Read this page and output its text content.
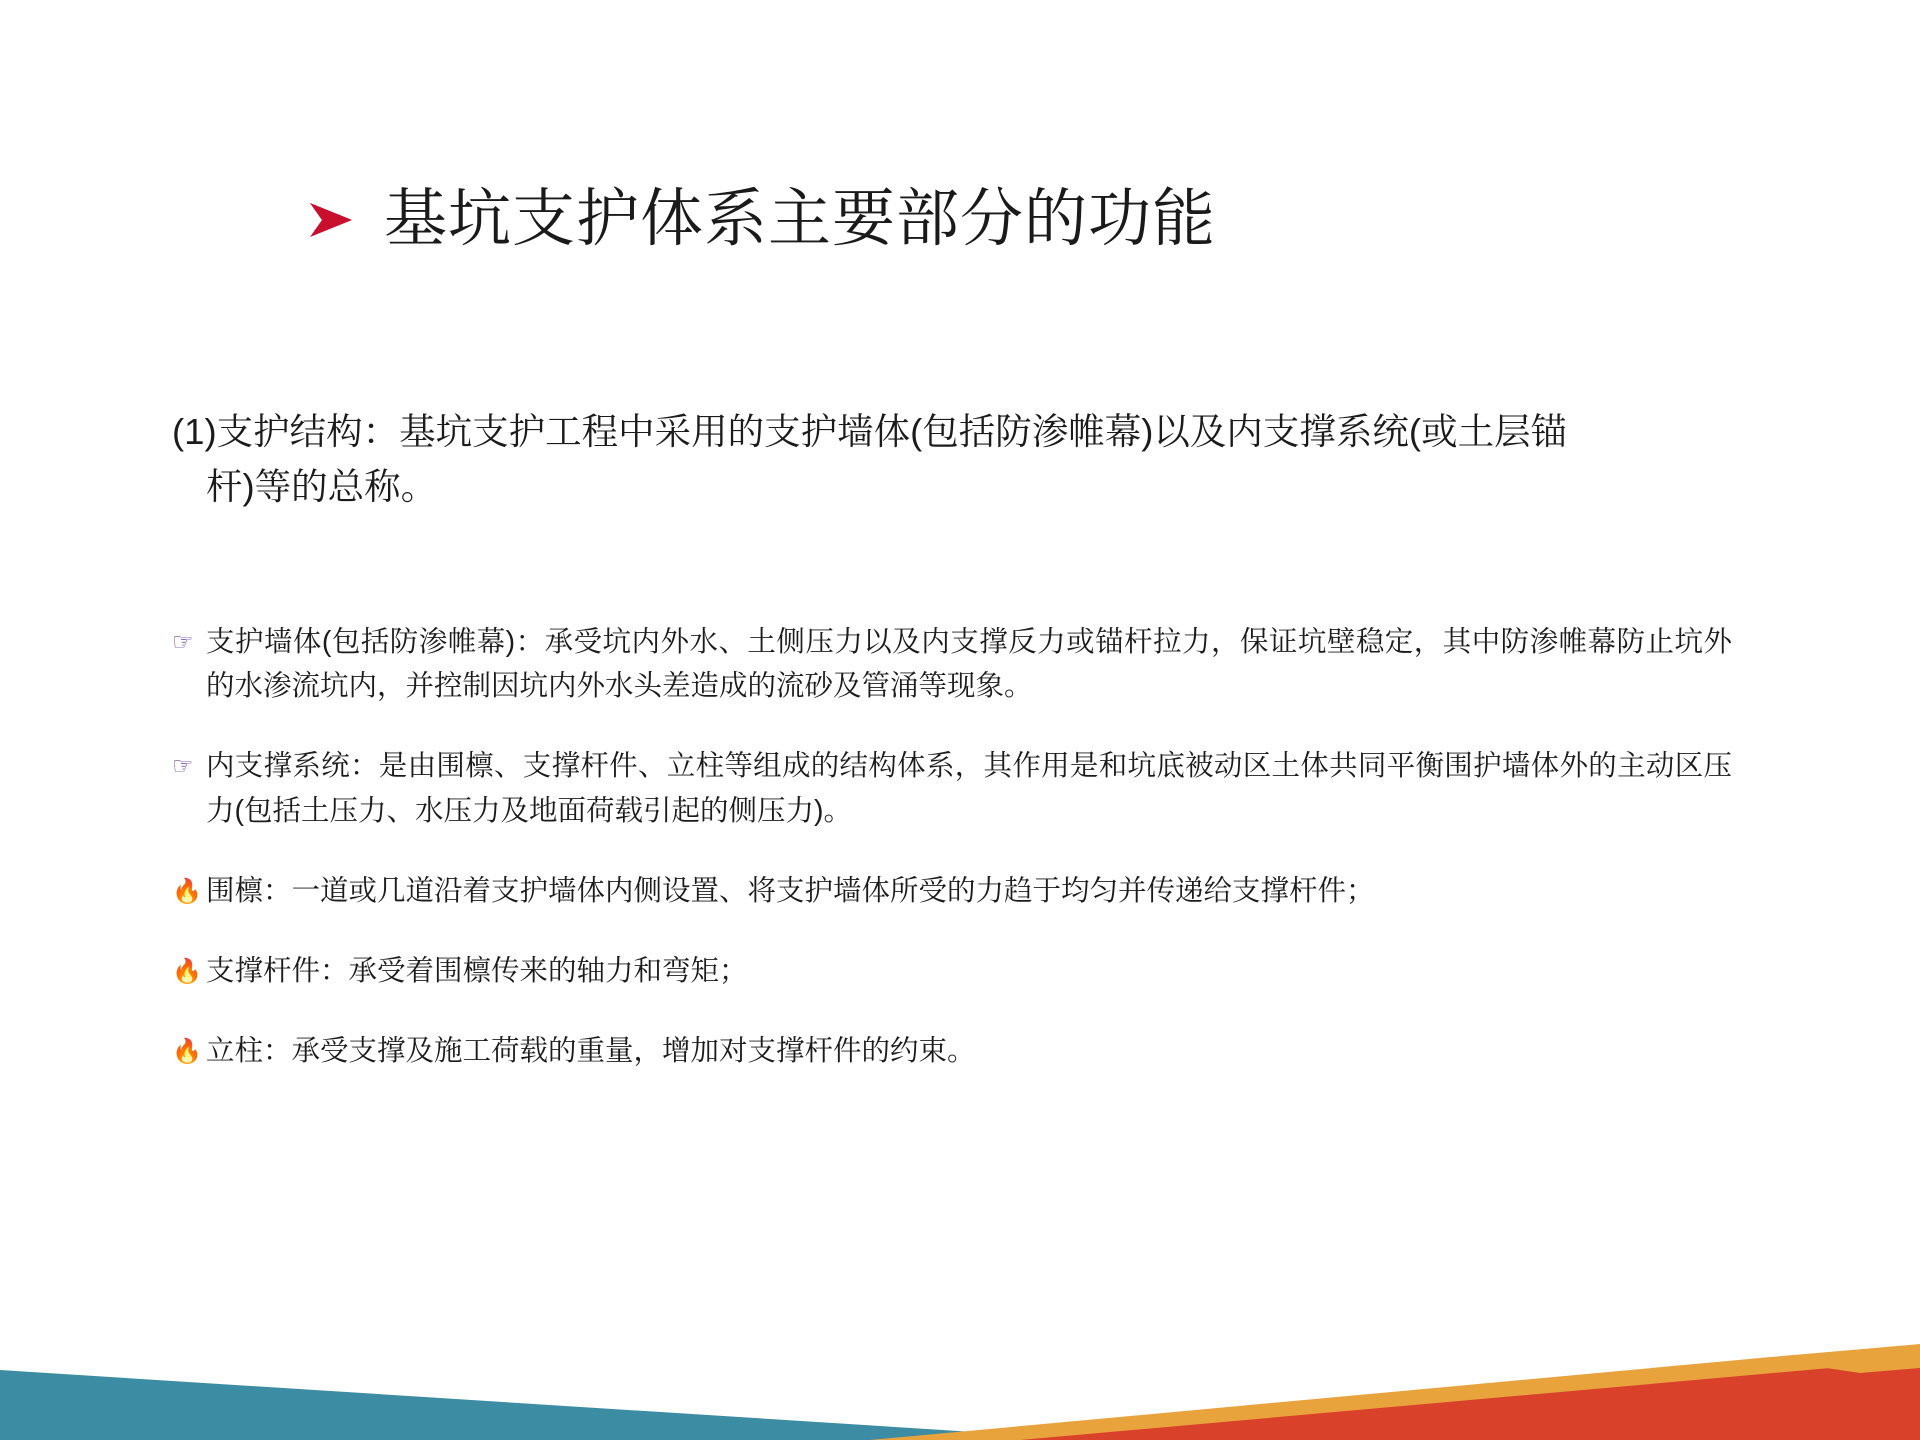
基坑支护体系主要部分的功能
(1)支护结构：基坑支护工程中采用的支护墙体(包括防渗帷幕)以及内支撑系统(或土层锚
杆)等的总称。
☞ 支护墙体(包括防渗帷幕)：承受坑内外水、土侧压力以及内支撑反力或锚杆拉力，保证坑壁稳定，其中防渗帷幕防止坑外的水渗流坑内，并控制因坑内外水头差造成的流砂及管涌等现象。
☞ 内支撑系统：是由围檩、支撑杆件、立柱等组成的结构体系，其作用是和坑底被动区土体共同平衡围护墙体外的主动区压力(包括土压力、水压力及地面荷载引起的侧压力)。
🔥 围檩：一道或几道沿着支护墙体内侧设置、将支护墙体所受的力趋于均匀并传递给支撑杆件；
🔥 支撑杆件：承受着围檩传来的轴力和弯矩；
🔥 立柱：承受支撑及施工荷载的重量，增加对支撑杆件的约束。
